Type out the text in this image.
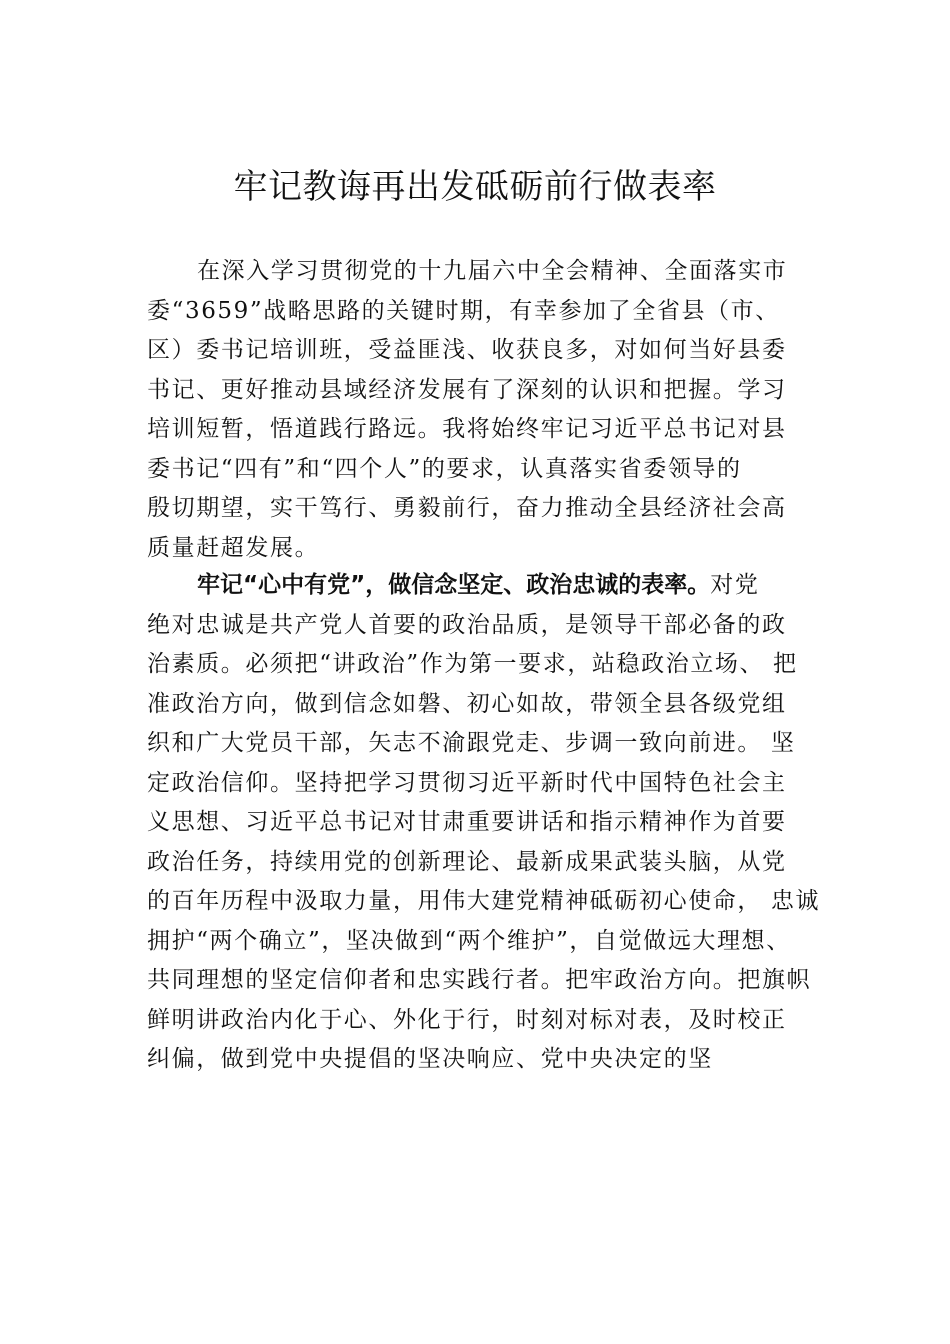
牢记教诲再出发砥砺前行做表率
在深入学习贯彻党的十九届六中全会精神、全面落实市
委“3659”战略思路的关键时期，有幸参加了全省县（市、
区）委书记培训班，受益匪浅、收获良多，对如何当好县委
书记、更好推动县域经济发展有了深刻的认识和把握。学习
培训短暂，悟道践行路远。我将始终牢记习近平总书记对县
委书记“四有”和“四个人”的要求，认真落实省委领导的
殷切期望，实干笃行、勇毅前行，奋力推动全县经济社会高
质量赶超发展。
牢记“心中有党”，做信念坚定、政治忠诚的表率。对党
绝对忠诚是共产党人首要的政治品质，是领导干部必备的政
治素质。必须把“讲政治”作为第一要求，站稳政治立场、 把
准政治方向，做到信念如磐、初心如故，带领全县各级党组
织和广大党员干部，矢志不渝跟党走、步调一致向前进。 坚
定政治信仰。坚持把学习贯彻习近平新时代中国特色社会主
义思想、习近平总书记对甘肃重要讲话和指示精神作为首要
政治任务，持续用党的创新理论、最新成果武装头脑，从党
的百年历程中汲取力量，用伟大建党精神砥砺初心使命， 忠诚
拥护“两个确立”，坚决做到“两个维护”，自觉做远大理想、
共同理想的坚定信仰者和忠实践行者。把牢政治方向。把旗帜
鲜明讲政治内化于心、外化于行，时刻对标对表，及时校正
纠偏，做到党中央提倡的坚决响应、党中央决定的坚
